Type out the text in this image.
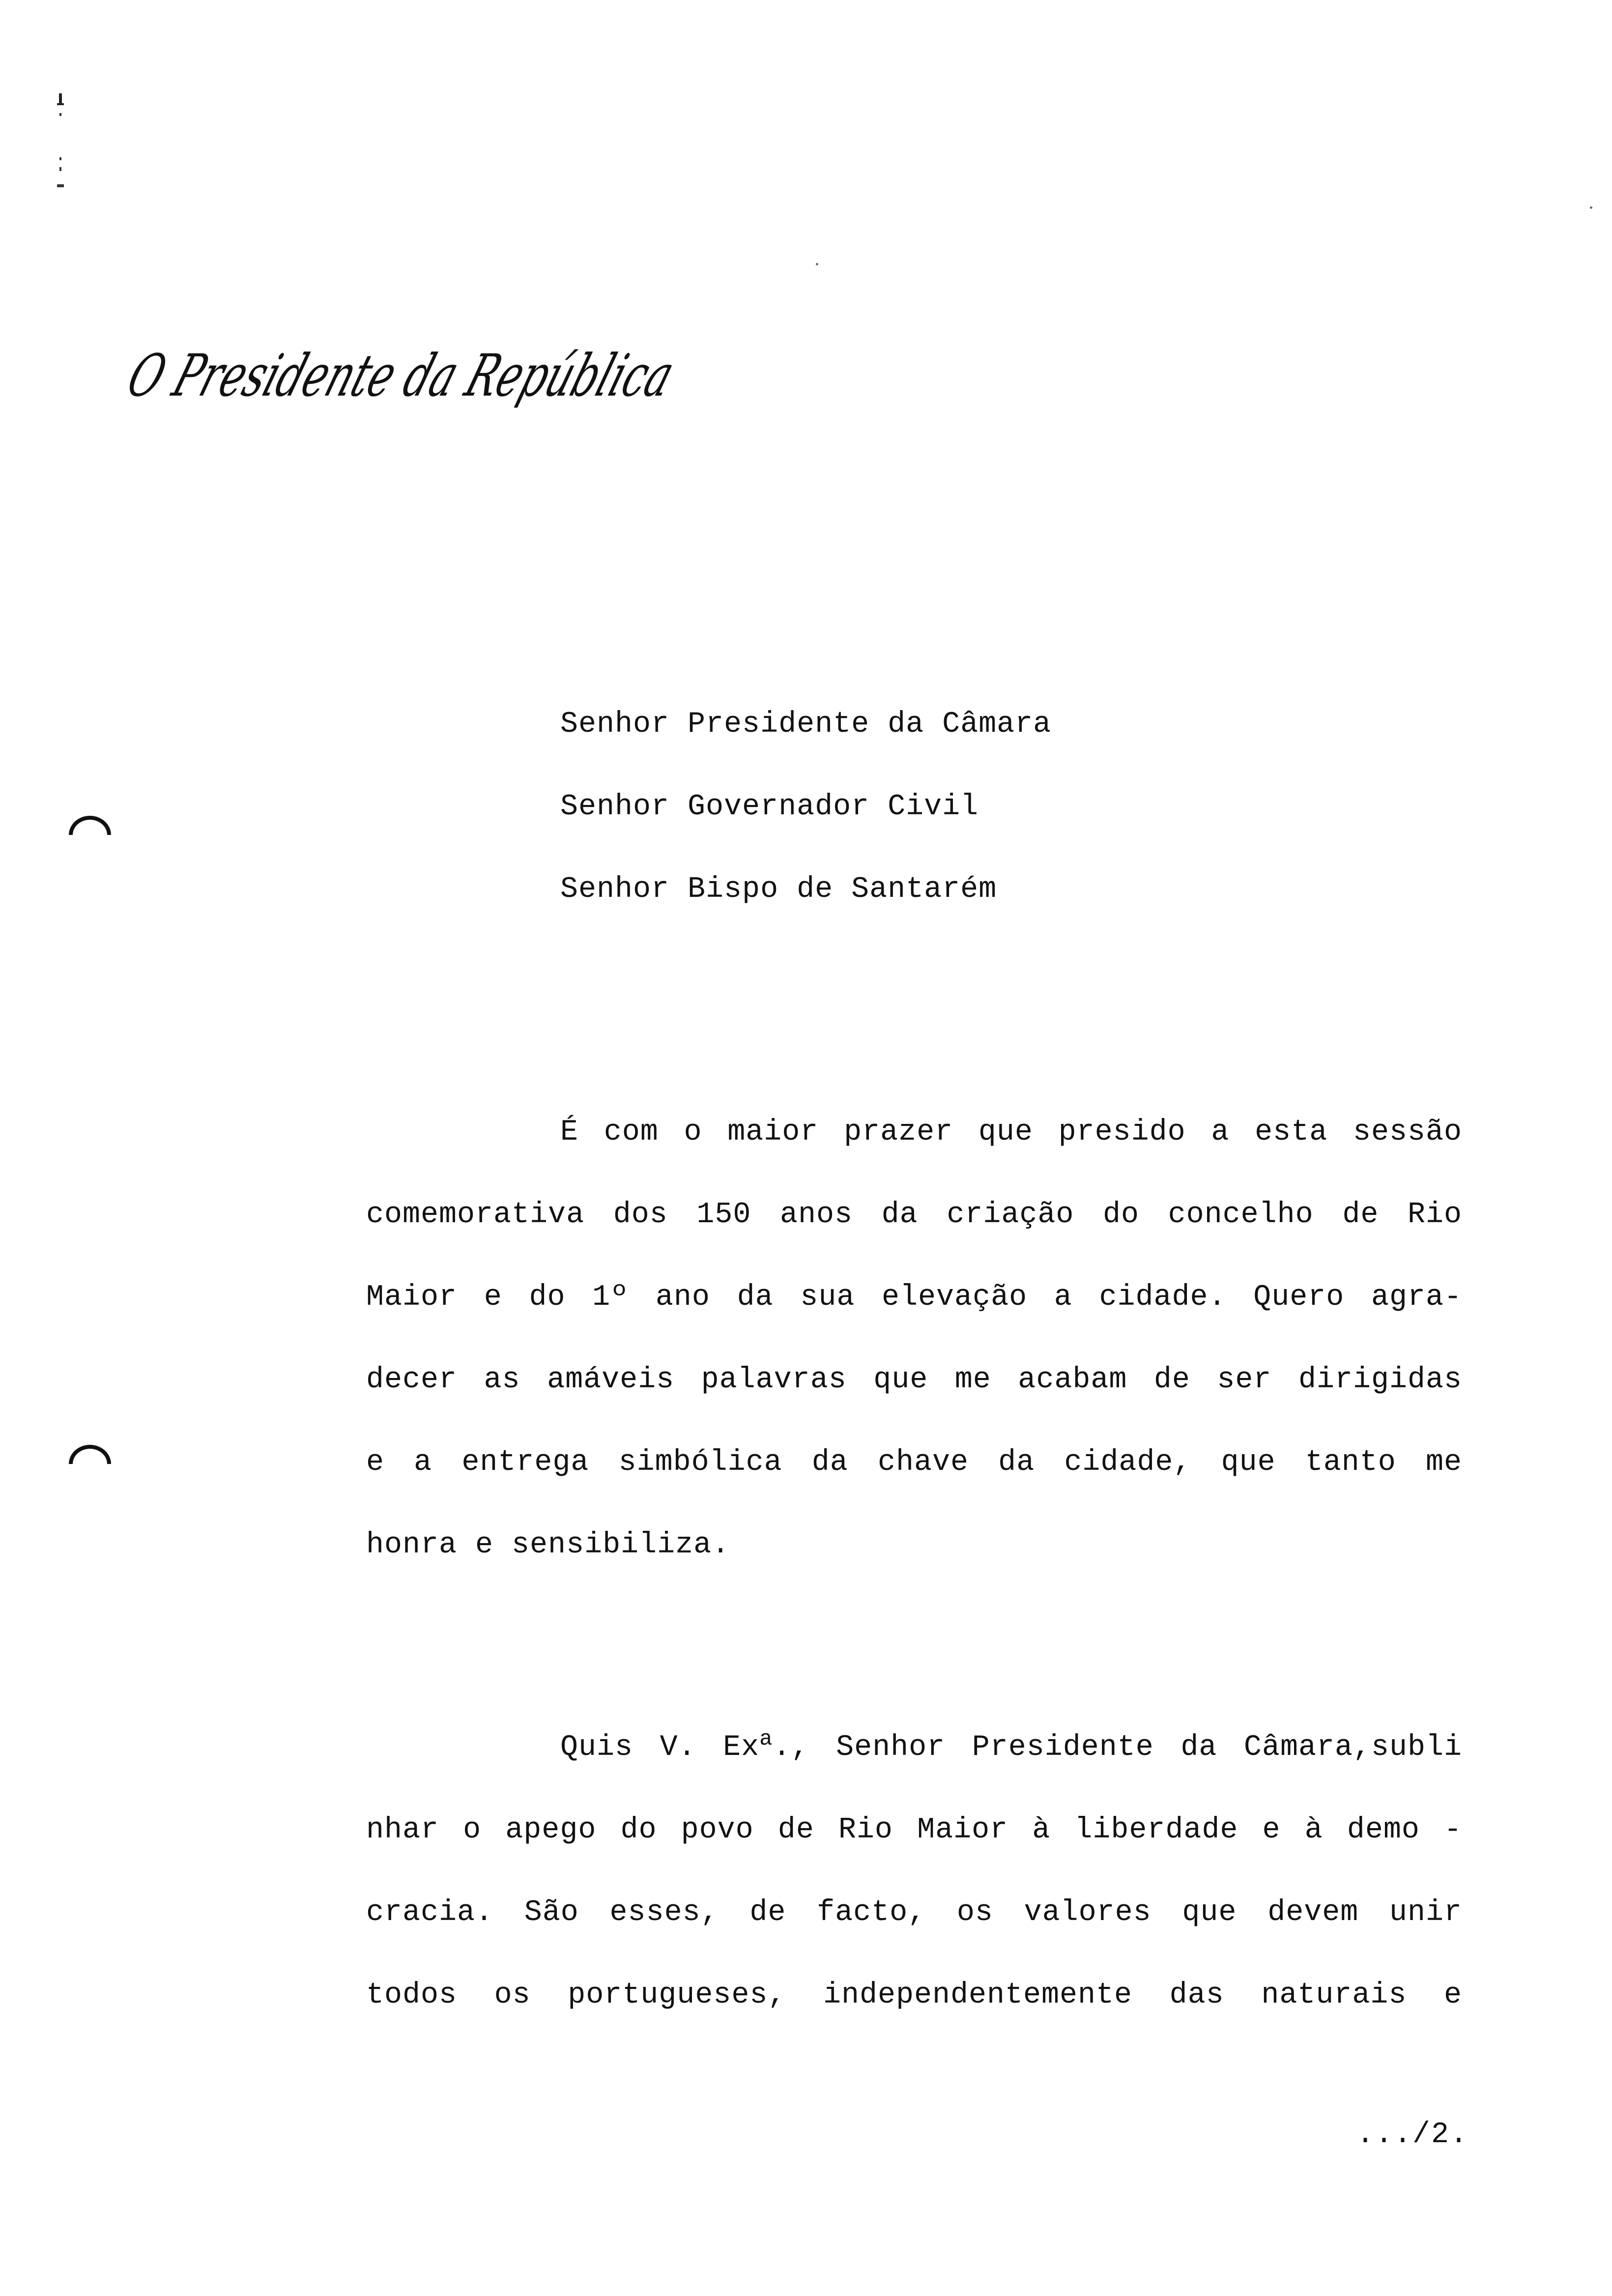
O Presidente da República
Senhor Presidente da Câmara
Senhor Governador Civil
Senhor Bispo de Santarém
É com o maior prazer que presido a esta sessão
comemorativa dos 150 anos da criação do concelho de Rio
Maior e do 1º ano da sua elevação a cidade. Quero agra-
decer as amáveis palavras que me acabam de ser dirigidas
e a entrega simbólica da chave da cidade, que tanto me
honra e sensibiliza.
Quis V. Ex$^a$., Senhor Presidente da Câmara,subli
nhar o apego do povo de Rio Maior à liberdade e à demo -
cracia. São esses, de facto, os valores que devem unir
todos os portugueses, independentemente das naturais e
.../2.
